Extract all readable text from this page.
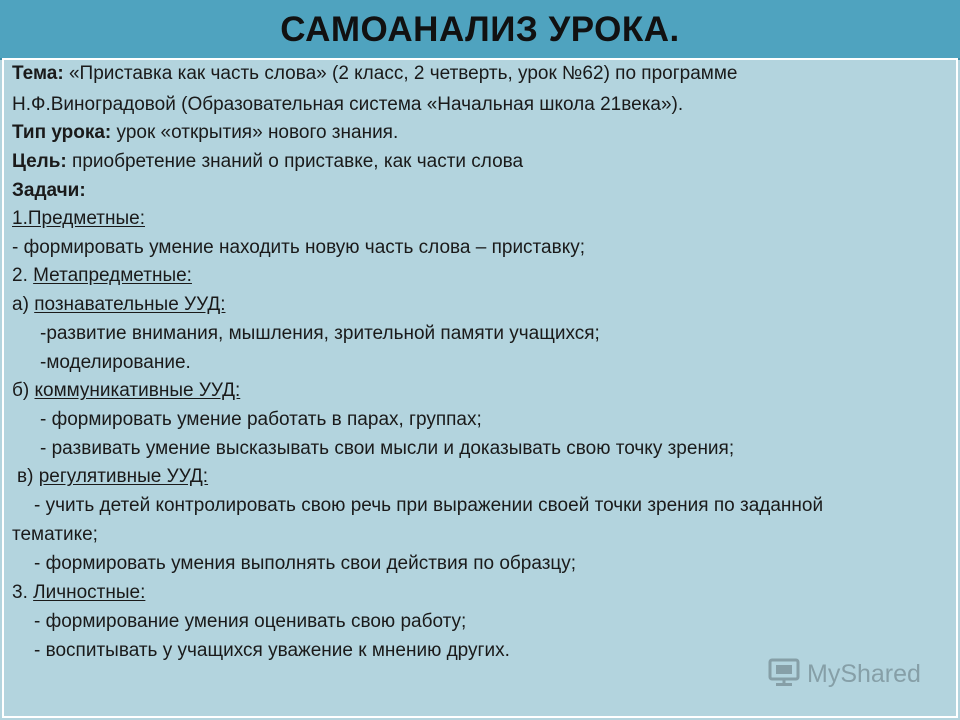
САМОАНАЛИЗ УРОКА.
Тема: «Приставка как часть слова» (2 класс, 2 четверть, урок №62) по программе
Н.Ф.Виноградовой (Образовательная система «Начальная школа 21века»).
Тип урока: урок «открытия» нового знания.
Цель: приобретение знаний о приставке, как части слова
Задачи:
1.Предметные:
- формировать умение находить новую часть слова – приставку;
2. Метапредметные:
а) познавательные УУД:
-развитие внимания, мышления, зрительной памяти учащихся;
-моделирование.
б) коммуникативные УУД:
- формировать умение работать в парах, группах;
- развивать умение высказывать свои мысли и доказывать свою точку зрения;
в) регулятивные УУД:
- учить детей контролировать свою речь при выражении своей точки зрения по заданной
тематике;
- формировать умения выполнять свои действия по образцу;
3. Личностные:
- формирование умения оценивать свою работу;
- воспитывать у учащихся уважение к мнению других.
MyShared
